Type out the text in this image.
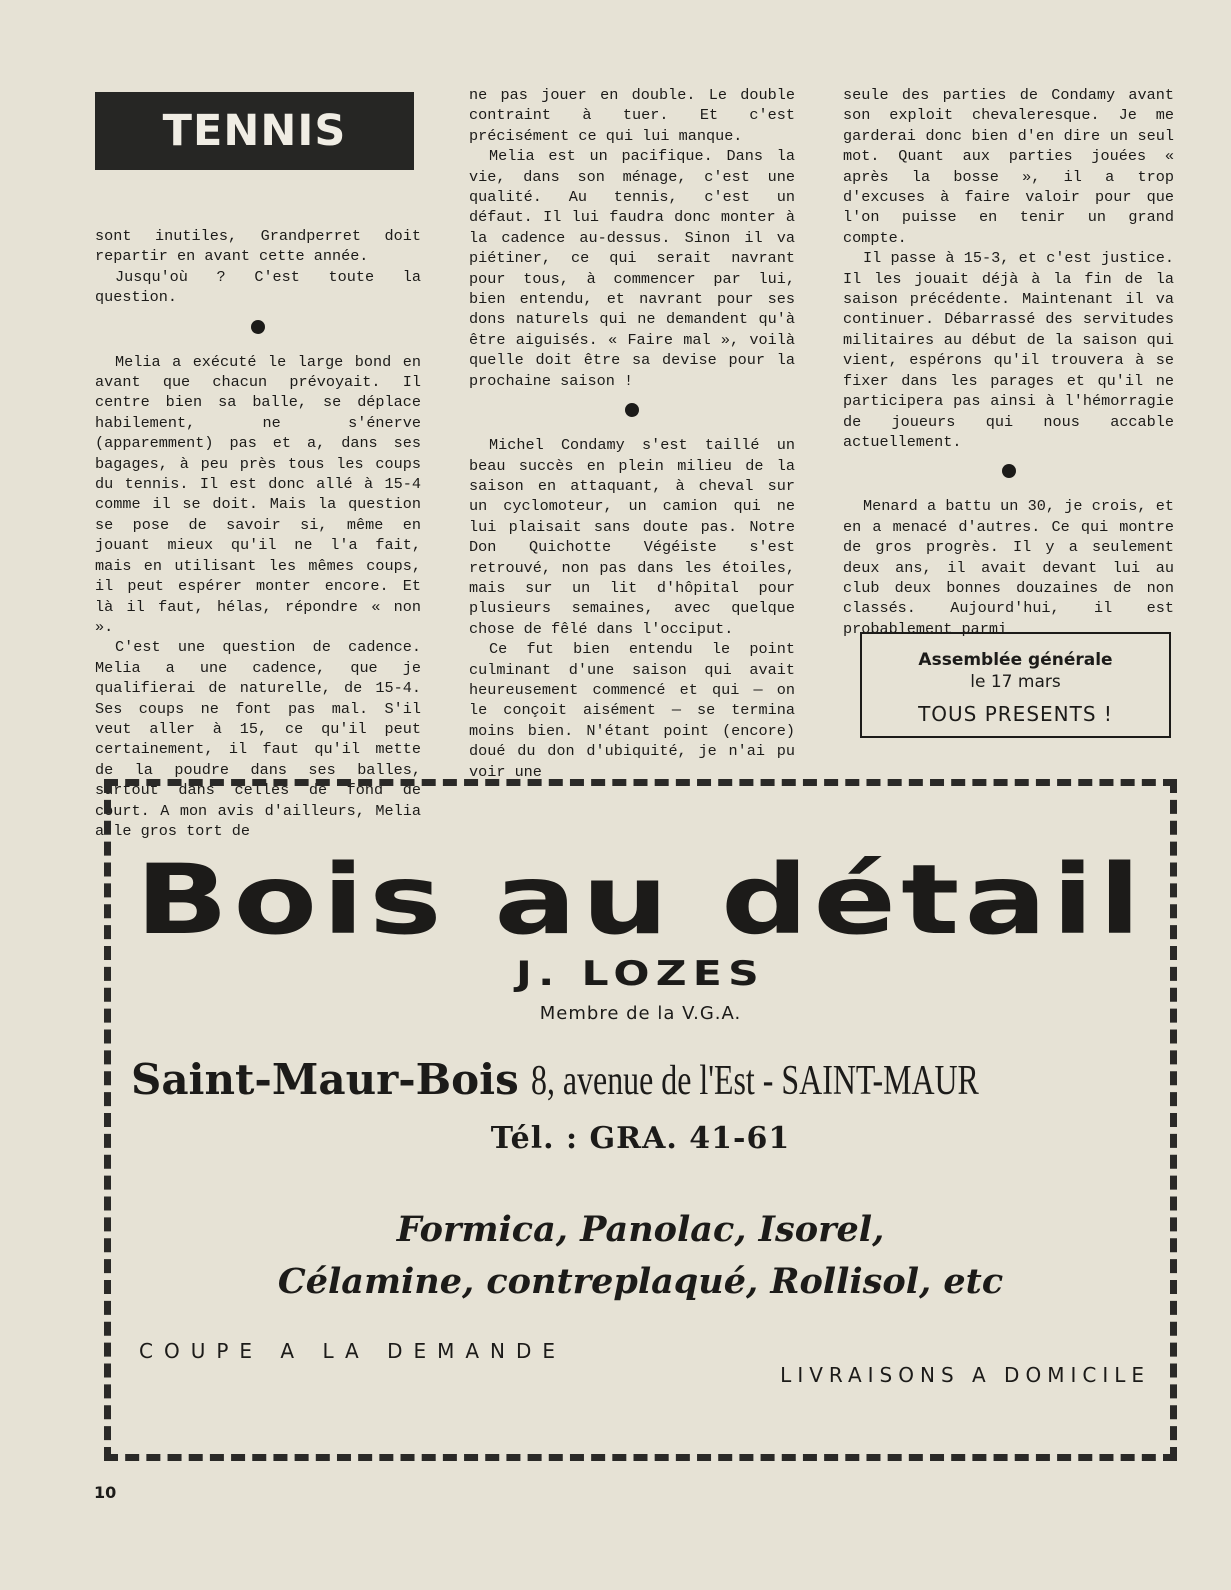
TENNIS

sont inutiles, Grandperret doit repartir en avant cette année.

Jusqu'où ? C'est toute la question.

Melia a exécuté le large bond en avant que chacun prévoyait. Il centre bien sa balle, se déplace habilement, ne s'énerve (apparemment) pas et a, dans ses bagages, à peu près tous les coups du tennis. Il est donc allé à 15-4 comme il se doit. Mais la question se pose de savoir si, même en jouant mieux qu'il ne l'a fait, mais en utilisant les mêmes coups, il peut espérer monter encore. Et là il faut, hélas, répondre « non ».

C'est une question de cadence. Melia a une cadence, que je qualifierai de naturelle, de 15-4. Ses coups ne font pas mal. S'il veut aller à 15, ce qu'il peut certainement, il faut qu'il mette de la poudre dans ses balles, surtout dans celles de fond de court. A mon avis d'ailleurs, Melia a le gros tort de

ne pas jouer en double. Le double contraint à tuer. Et c'est précisément ce qui lui manque.

Melia est un pacifique. Dans la vie, dans son ménage, c'est une qualité. Au tennis, c'est un défaut. Il lui faudra donc monter à la cadence au-dessus. Sinon il va piétiner, ce qui serait navrant pour tous, à commencer par lui, bien entendu, et navrant pour ses dons naturels qui ne demandent qu'à être aiguisés. « Faire mal », voilà quelle doit être sa devise pour la prochaine saison !

Michel Condamy s'est taillé un beau succès en plein milieu de la saison en attaquant, à cheval sur un cyclomoteur, un camion qui ne lui plaisait sans doute pas. Notre Don Quichotte Végéiste s'est retrouvé, non pas dans les étoiles, mais sur un lit d'hôpital pour plusieurs semaines, avec quelque chose de fêlé dans l'occiput.

Ce fut bien entendu le point culminant d'une saison qui avait heureusement commencé et qui — on le conçoit aisément — se termina moins bien. N'étant point (encore) doué du don d'ubiquité, je n'ai pu voir une

seule des parties de Condamy avant son exploit chevaleresque. Je me garderai donc bien d'en dire un seul mot. Quant aux parties jouées « après la bosse », il a trop d'excuses à faire valoir pour que l'on puisse en tenir un grand compte.

Il passe à 15-3, et c'est justice. Il les jouait déjà à la fin de la saison précédente. Maintenant il va continuer. Débarrassé des servitudes militaires au début de la saison qui vient, espérons qu'il trouvera à se fixer dans les parages et qu'il ne participera pas ainsi à l'hémorragie de joueurs qui nous accable actuellement.

Menard a battu un 30, je crois, et en a menacé d'autres. Ce qui montre de gros progrès. Il y a seulement deux ans, il avait devant lui au club deux bonnes douzaines de non classés. Aujourd'hui, il est probablement parmi

Assemblée générale
le 17 mars
TOUS PRESENTS !
Bois au détail
J. LOZES
Membre de la V.G.A.
Saint-Maur-Bois 8, avenue de l'Est - SAINT-MAUR
Tél. : GRA. 41-61
Formica, Panolac, Isorel,
Célamine, contreplaqué, Rollisol, etc
COUPE A LA DEMANDE
LIVRAISONS A DOMICILE
10
